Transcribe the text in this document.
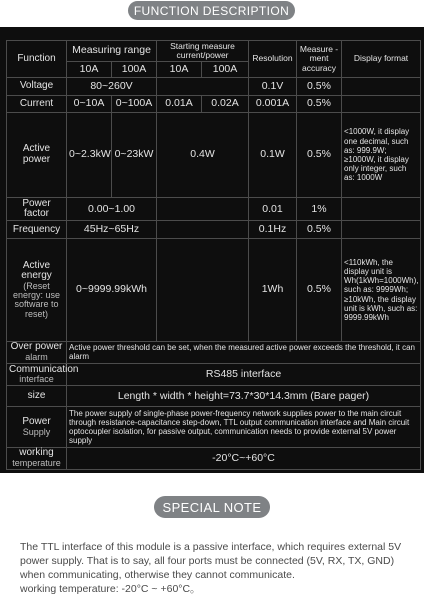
FUNCTION DESCRIPTION
Function	Measuring range		Starting measure current/power		Resolution	Measure -ment accuracy	Display format
	10A	100A	10A	100A			
Voltage	80~260V				0.1V	0.5%	
Current	0~10A	0~100A	0.01A	0.02A	0.001A	0.5%	
Active power	0~2.3kW	0~23kW	0.4W		0.1W	0.5%	<1000W, it display one decimal, such as: 999.9W; ≥1000W, it display only integer, such as: 1000W
Power factor	0.00~1.00				0.01	1%	
Frequency	45Hz~65Hz				0.1Hz	0.5%	
Active energy
(Reset energy: use software to reset)	0~9999.99kWh				1Wh	0.5%	<110kWh, the display unit is Wh(1kWh=1000Wh), such as: 9999Wh; ≥10kWh, the display unit is kWh, such as: 9999.99kWh
Over power
alarm	Active power threshold can be set, when the measured active power exceeds the threshold, it can alarm						
Communication
interface	RS485 interface						
size	Length * width * height=73.7*30*14.3mm (Bare pager)						
Power
Supply	The power supply of single-phase power-frequency network supplies power to the main circuit through resistance-capacitance step-down, TTL output communication interface and Main circuit optocoupler isolation, for passive output, communication needs to provide external 5V power supply						
working
temperature	-20°C~+60°C						
SPECIAL NOTE

The TTL interface of this module is a passive interface, which requires external 5V power supply. That is to say, all four ports must be connected (5V, RX, TX, GND) when communicating, otherwise they cannot communicate.

working temperature: -20°C ~ +60°C。
